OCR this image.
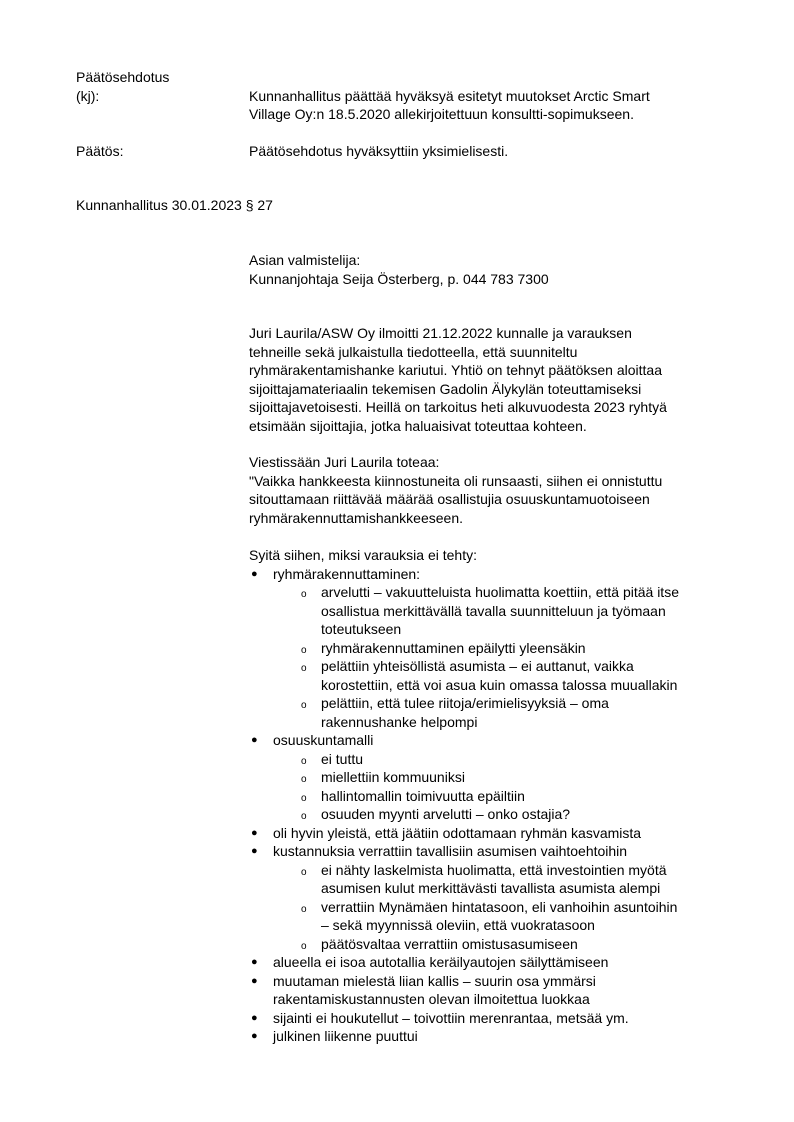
Päätösehdotus
(kj):	Kunnanhallitus päättää hyväksyä esitetyt muutokset Arctic Smart
Village Oy:n 18.5.2020 allekirjoitettuun konsultti-sopimukseen.
Päätös:	Päätösehdotus hyväksyttiin yksimielisesti.
Kunnanhallitus 30.01.2023 § 27
Asian valmistelija:
Kunnanjohtaja Seija Österberg, p. 044 783 7300
Juri Laurila/ASW Oy ilmoitti 21.12.2022 kunnalle ja varauksen
tehneille sekä julkaistulla tiedotteella, että suunniteltu
ryhmärakentamishanke kariutui. Yhtiö on tehnyt päätöksen aloittaa
sijoittajamateriaalin tekemisen Gadolin Älykylän toteuttamiseksi
sijoittajavetoisesti. Heillä on tarkoitus heti alkuvuodesta 2023 ryhtyä
etsimään sijoittajia, jotka haluaisivat toteuttaa kohteen.
Viestissään Juri Laurila toteaa:
"Vaikka hankkeesta kiinnostuneita oli runsaasti, siihen ei onnistuttu
sitouttamaan riittävää määrää osallistujia osuuskuntamuotoiseen
ryhmärakennuttamishankkeeseen.
Syitä siihen, miksi varauksia ei tehty:
● ryhmärakennuttaminen:
o arvelutti – vakuutteluista huolimatta koettiin, että pitää itse
osallistua merkittävällä tavalla suunnitteluun ja työmaan
toteutukseen
o ryhmärakennuttaminen epäilytti yleensäkin
o pelättiin yhteisöllistä asumista – ei auttanut, vaikka
korostettiin, että voi asua kuin omassa talossa muuallakin
o pelättiin, että tulee riitoja/erimielisyyksiä – oma
rakennushanke helpompi
● osuuskuntamalli
o ei tuttu
o miellettiin kommuuniksi
o hallintomallin toimivuutta epäiltiin
o osuuden myynti arvelutti – onko ostajia?
● oli hyvin yleistä, että jäätiin odottamaan ryhmän kasvamista
● kustannuksia verrattiin tavallisiin asumisen vaihtoehtoihin
o ei nähty laskelmista huolimatta, että investointien myötä
asumisen kulut merkittävästi tavallista asumista alempi
o verrattiin Mynämäen hintatasoon, eli vanhoihin asuntoihin
– sekä myynnissä oleviin, että vuokratasoon
o päätösvaltaa verrattiin omistusasumiseen
● alueella ei isoa autotallia keräilyautojen säilyttämiseen
● muutaman mielestä liian kallis – suurin osa ymmärsi
rakentamiskustannusten olevan ilmoitettua luokkaa
● sijainti ei houkutellut – toivottiin merenrantaa, metsää ym.
● julkinen liikenne puuttui
